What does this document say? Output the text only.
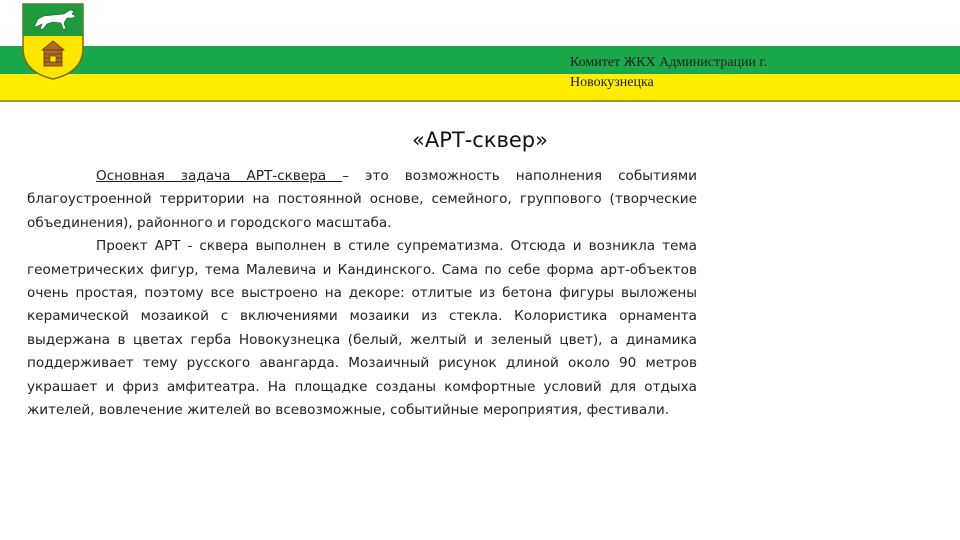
Комитет ЖКХ Администрации г. Новокузнецка
«АРТ-сквер»

Основная задача АРТ-сквера – это возможность наполнения событиями благоустроенной территории на постоянной основе, семейного, группового (творческие объединения), районного и городского масштаба.

Проект АРТ - сквера выполнен в стиле супрематизма. Отсюда и возникла тема геометрических фигур, тема Малевича и Кандинского. Сама по себе форма арт-объектов очень простая, поэтому все выстроено на декоре: отлитые из бетона фигуры выложены керамической мозаикой с включениями мозаики из стекла. Колористика орнамента выдержана в цветах герба Новокузнецка (белый, желтый и зеленый цвет), а динамика поддерживает тему русского авангарда. Мозаичный рисунок длиной около 90 метров украшает и фриз амфитеатра. На площадке созданы комфортные условий для отдыха жителей, вовлечение жителей во всевозможные, событийные мероприятия, фестивали.
